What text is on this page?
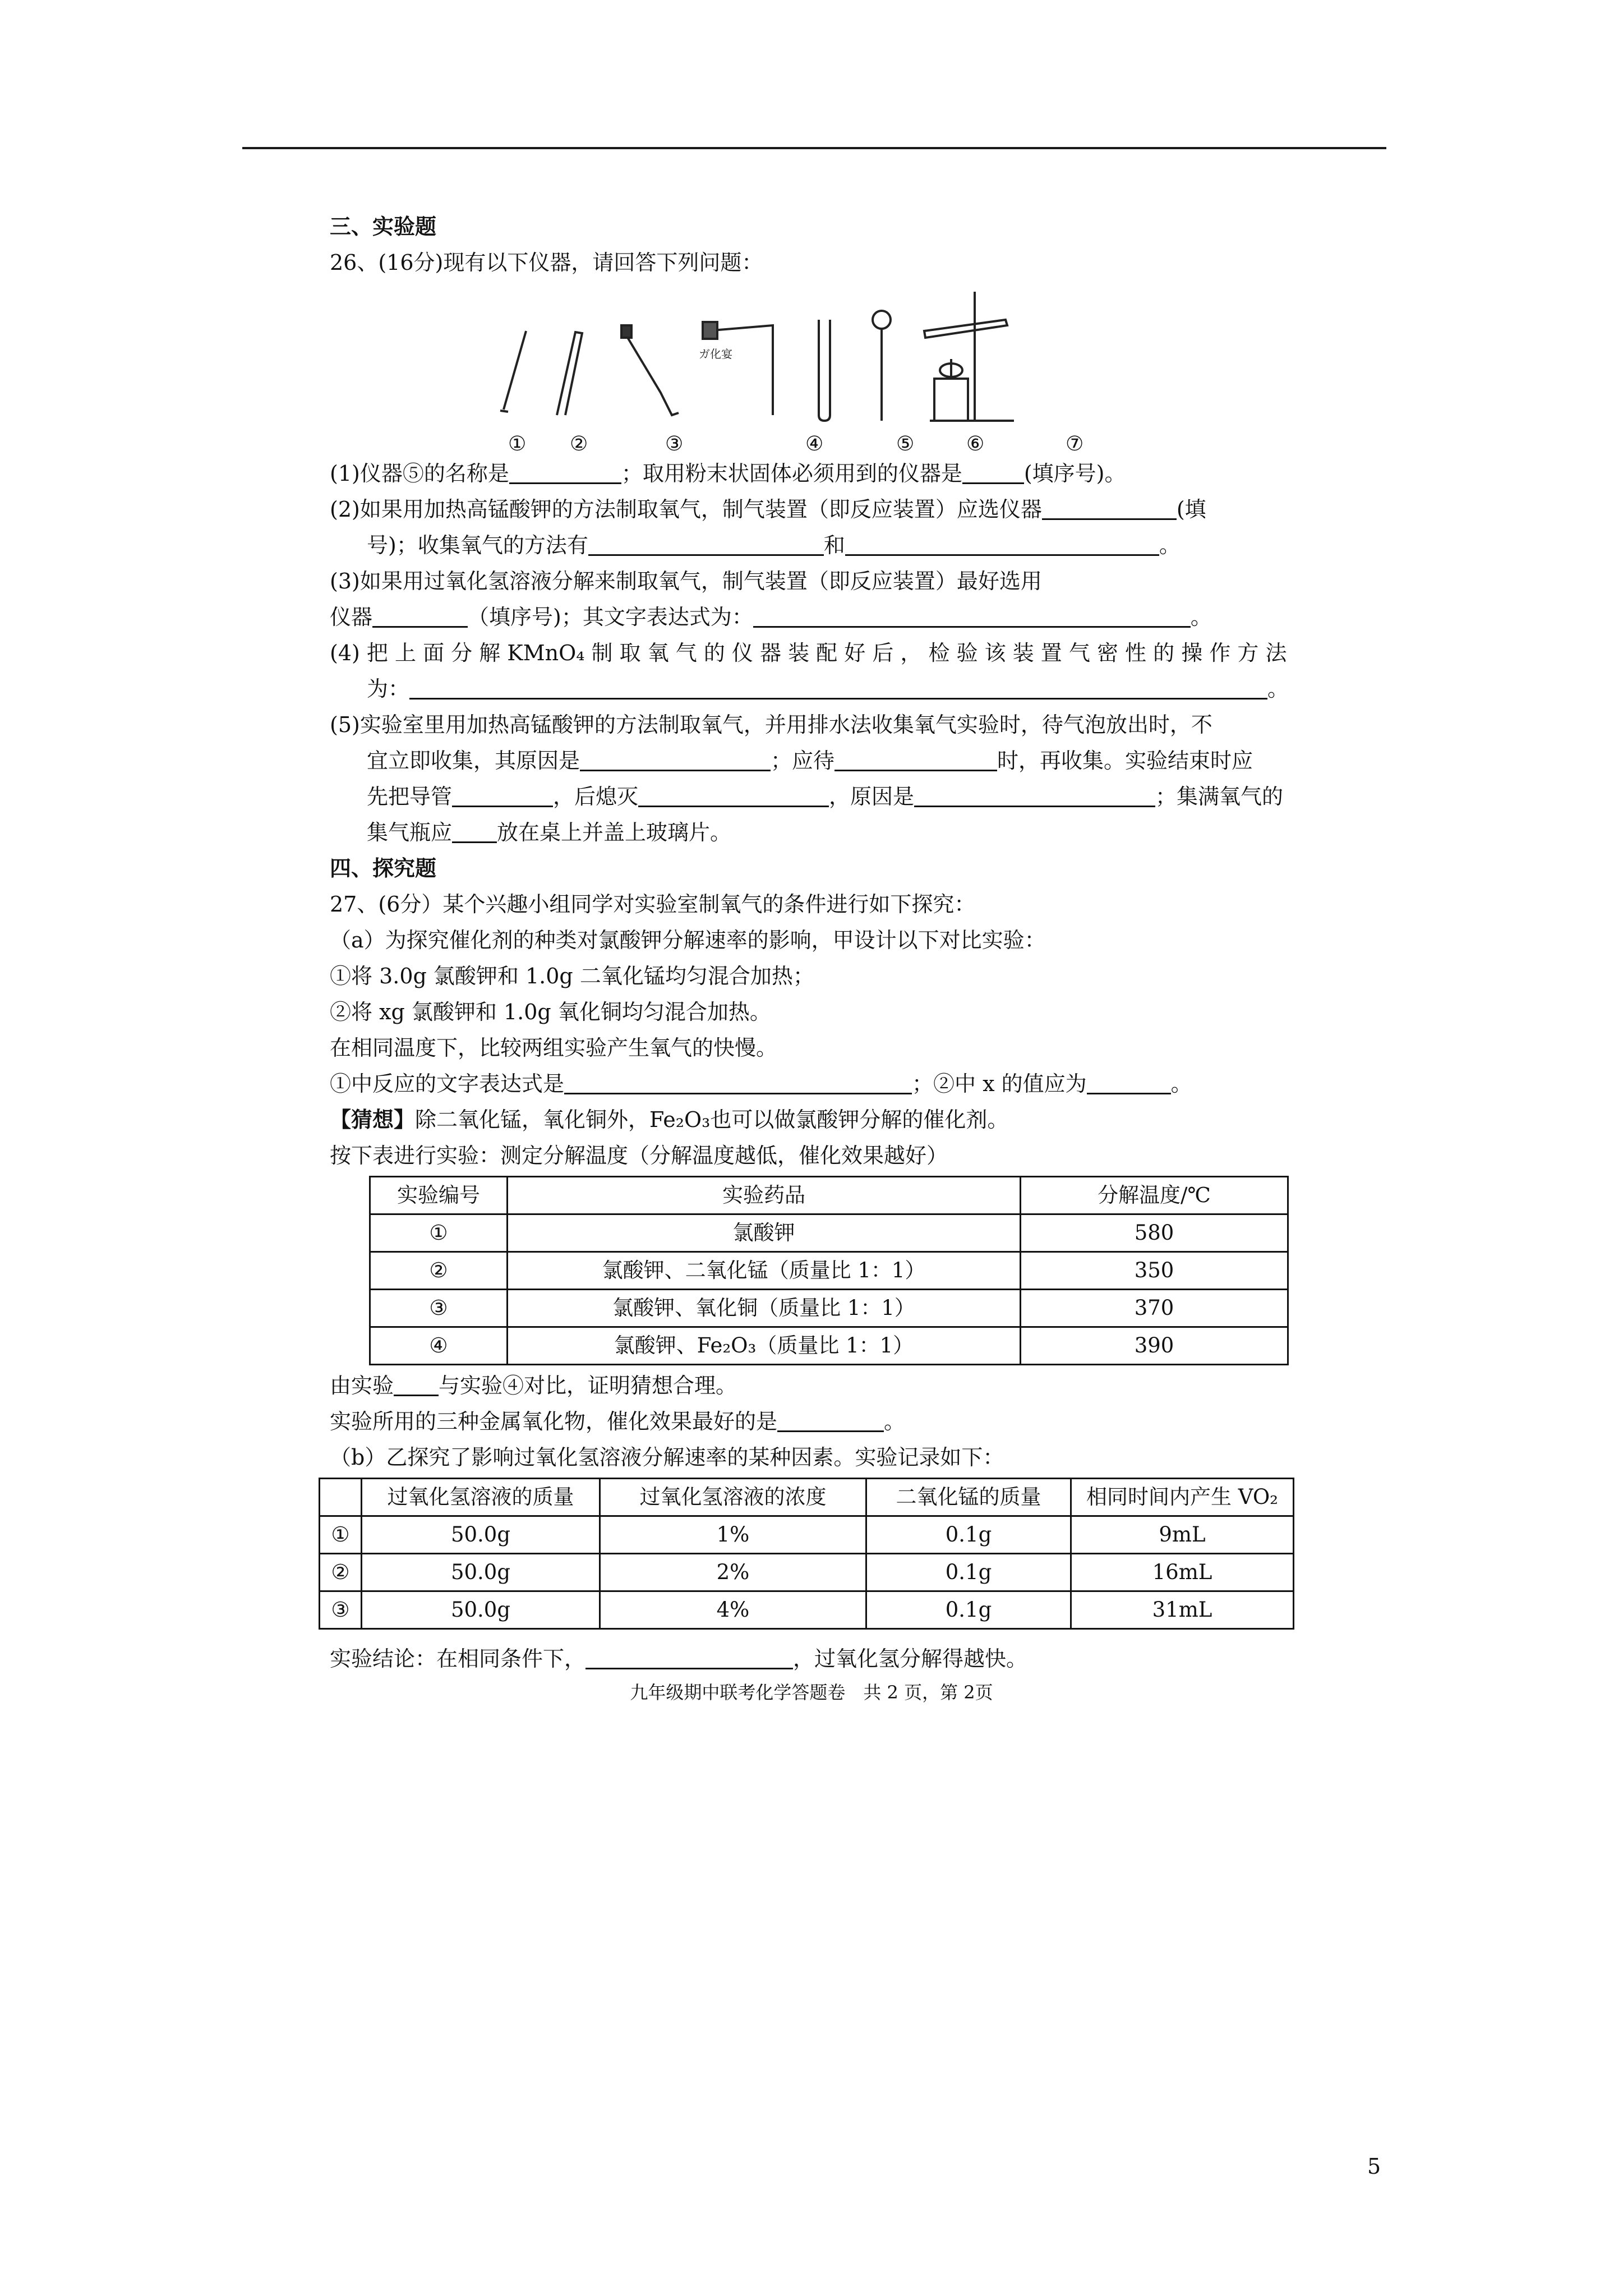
三、实验题
26、(16分)现有以下仪器，请回答下列问题：
ガ化宴
① ②	③	④	⑤	⑥	⑦
(1)仪器⑤的名称是	；取用粉末状固体必须用到的仪器是	(填序号)。
(2)如果用加热高锰酸钾的方法制取氧气，制气装置（即反应装置）应选仪器	(填
号)；收集氧气的方法有	和	。
(3)如果用过氧化氢溶液分解来制取氧气，制气装置（即反应装置）最好选用
仪器	（填序号)；其文字表达式为：	。
(4) 把 上 面 分 解 KMnO₄ 制 取 氧 气 的 仪 器 装 配 好 后 ， 检 验 该 装 置 气 密 性 的 操 作 方 法
为：	。
(5)实验室里用加热高锰酸钾的方法制取氧气，并用排水法收集氧气实验时，待气泡放出时，不
宜立即收集，其原因是	；应待	时，再收集。实验结束时应
先把导管	，后熄灭	，原因是	；集满氧气的
集气瓶应 放在桌上并盖上玻璃片。
四、探究题
27、(6分）某个兴趣小组同学对实验室制氧气的条件进行如下探究：
（a）为探究催化剂的种类对氯酸钾分解速率的影响，甲设计以下对比实验：
①将 3.0g 氯酸钾和 1.0g 二氧化锰均匀混合加热；
②将 xg 氯酸钾和 1.0g 氧化铜均匀混合加热。
在相同温度下，比较两组实验产生氧气的快慢。
①中反应的文字表达式是	；②中 x 的值应为	。
【猜想】除二氧化锰，氧化铜外，Fe₂O₃也可以做氯酸钾分解的催化剂。
按下表进行实验：测定分解温度（分解温度越低，催化效果越好）
实验编号	实验药品	分解温度/℃
①	氯酸钾	580
②	氯酸钾、二氧化锰（质量比 1：1）	350
③	氯酸钾、氧化铜（质量比 1：1）	370
④	氯酸钾、Fe₂O₃（质量比 1：1）	390
由实验 与实验④对比，证明猜想合理。
实验所用的三种金属氧化物，催化效果最好的是	。
（b）乙探究了影响过氧化氢溶液分解速率的某种因素。实验记录如下：
	过氧化氢溶液的质量	过氧化氢溶液的浓度	二氧化锰的质量	相同时间内产生 VO₂
①	50.0g	1%	0.1g	9mL
②	50.0g	2%	0.1g	16mL
③	50.0g	4%	0.1g	31mL
实验结论：在相同条件下，	，过氧化氢分解得越快。
九年级期中联考化学答题卷　共 2 页，第 2页
5
